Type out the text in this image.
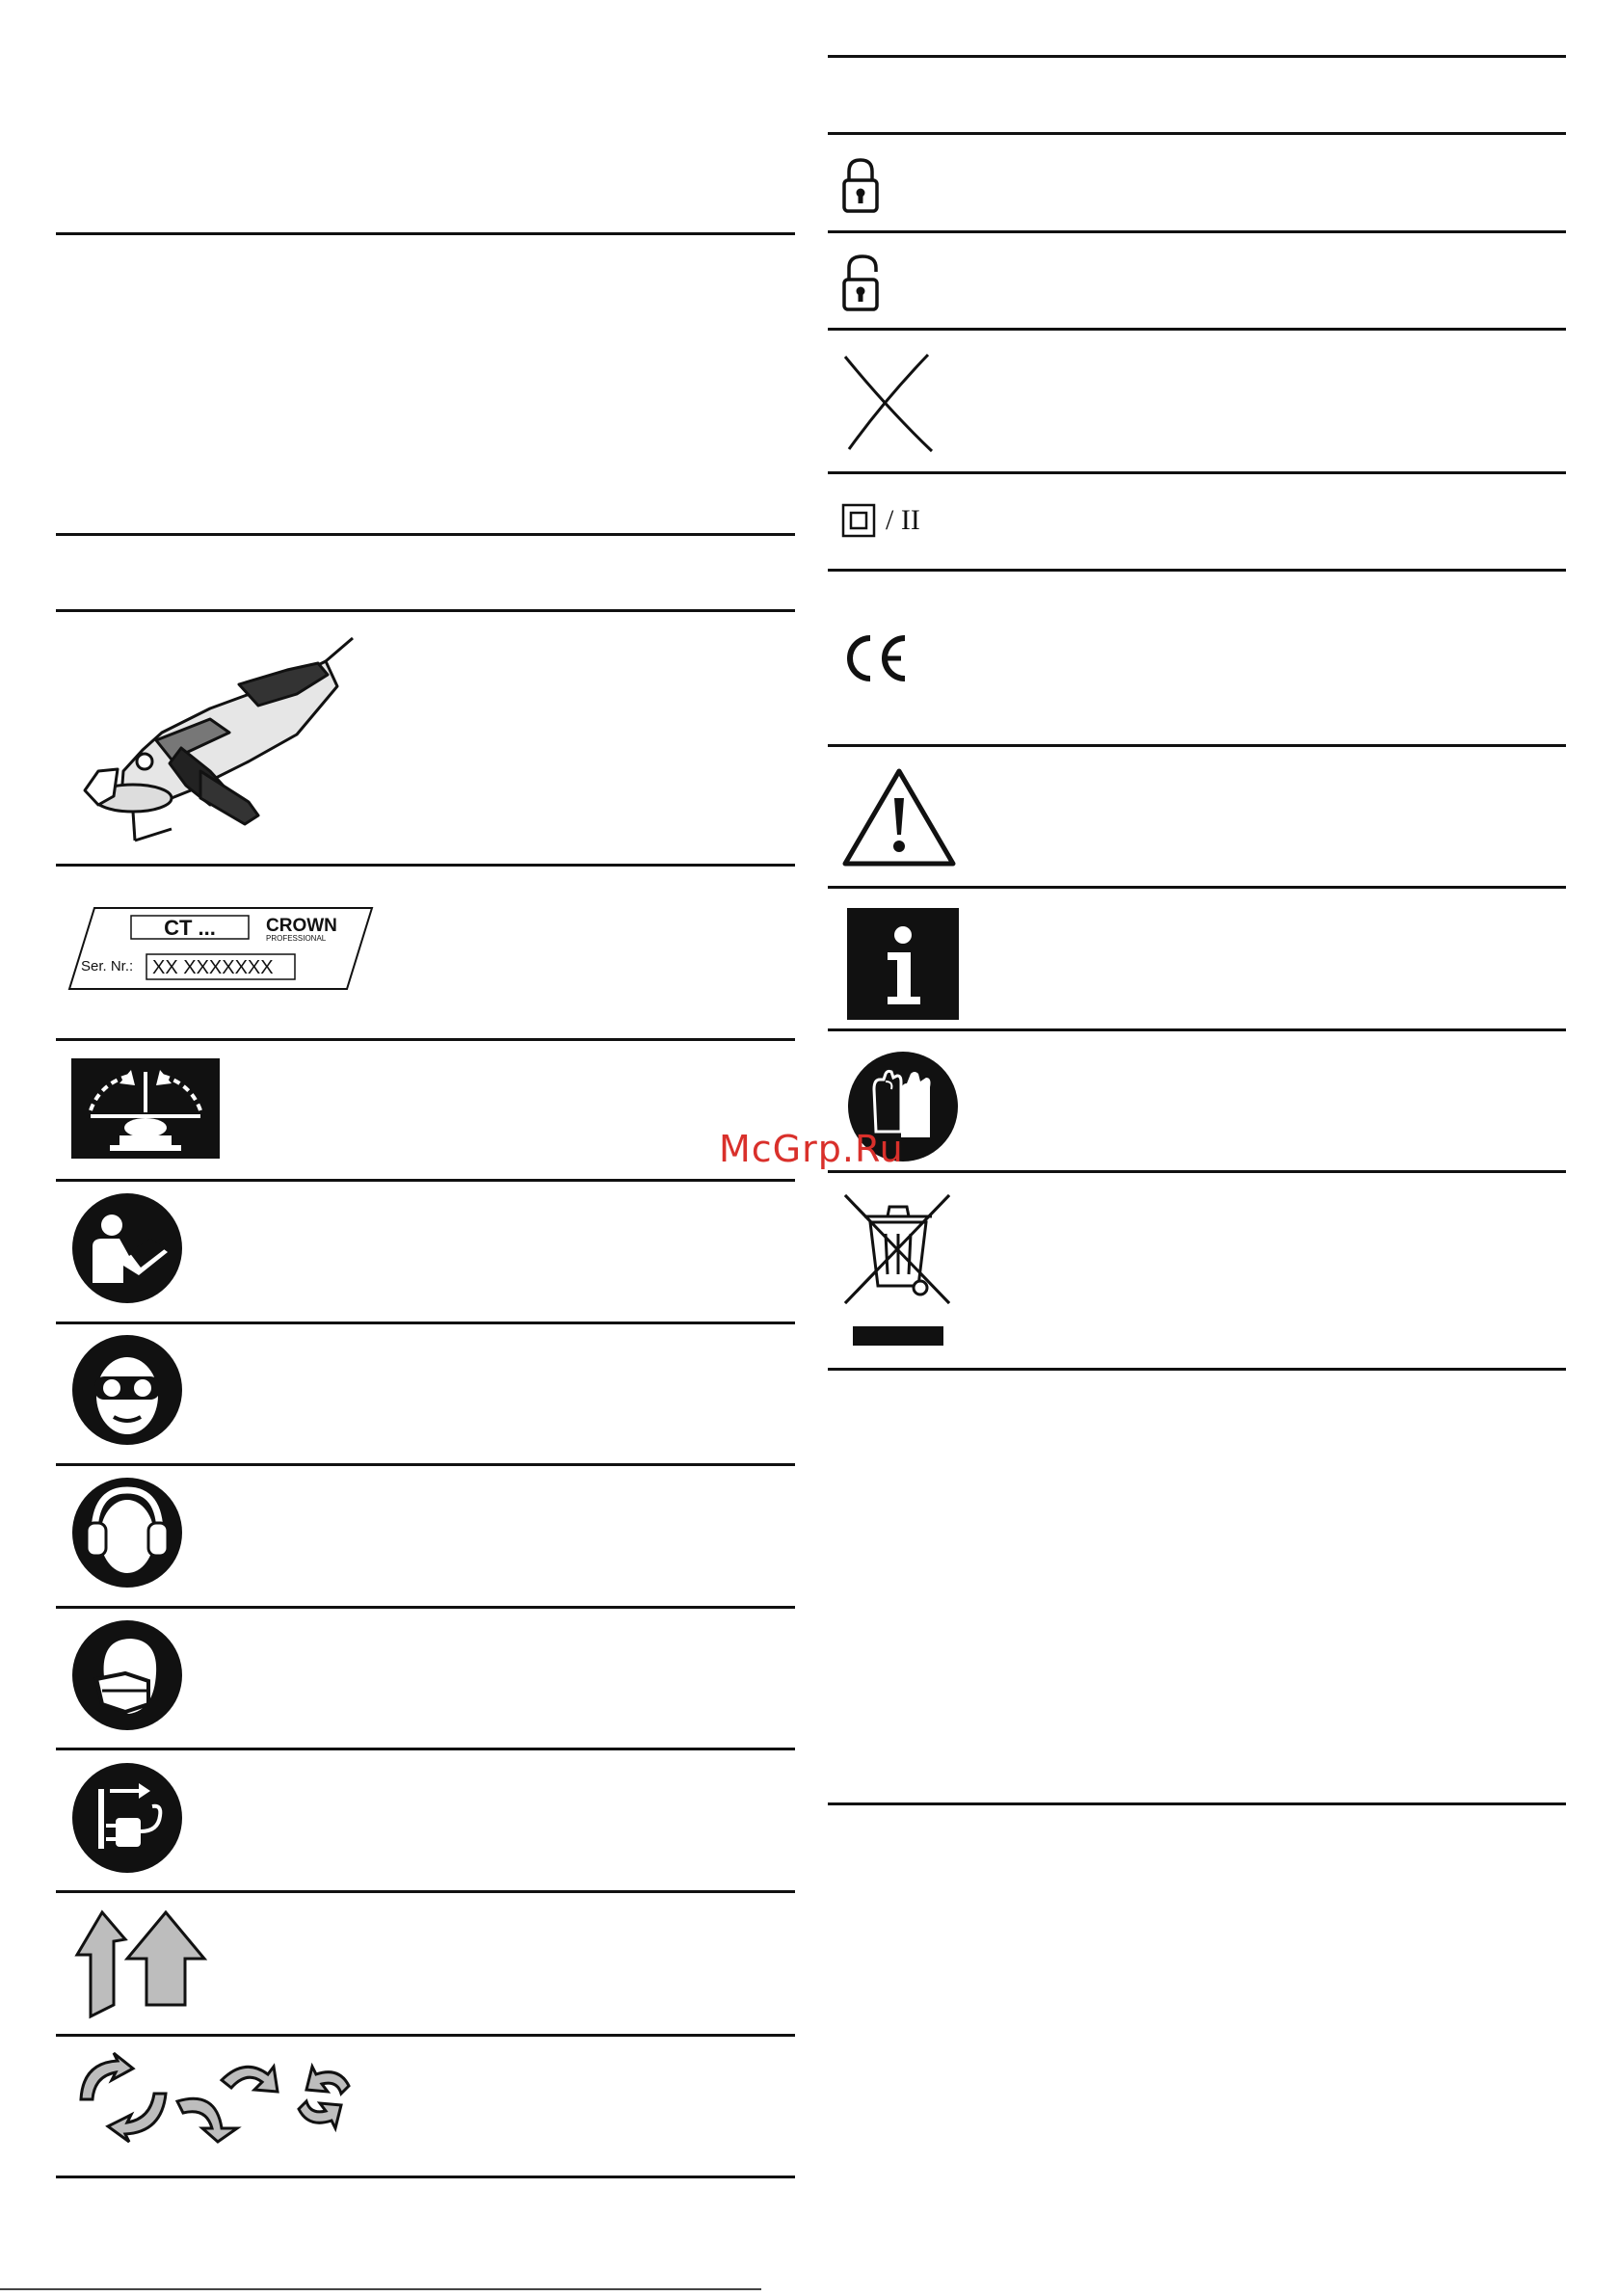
CT ...	CROWN
PROFESSIONAL
Ser. Nr.: XX XXXXXXX
/ II
McGrp.Ru
